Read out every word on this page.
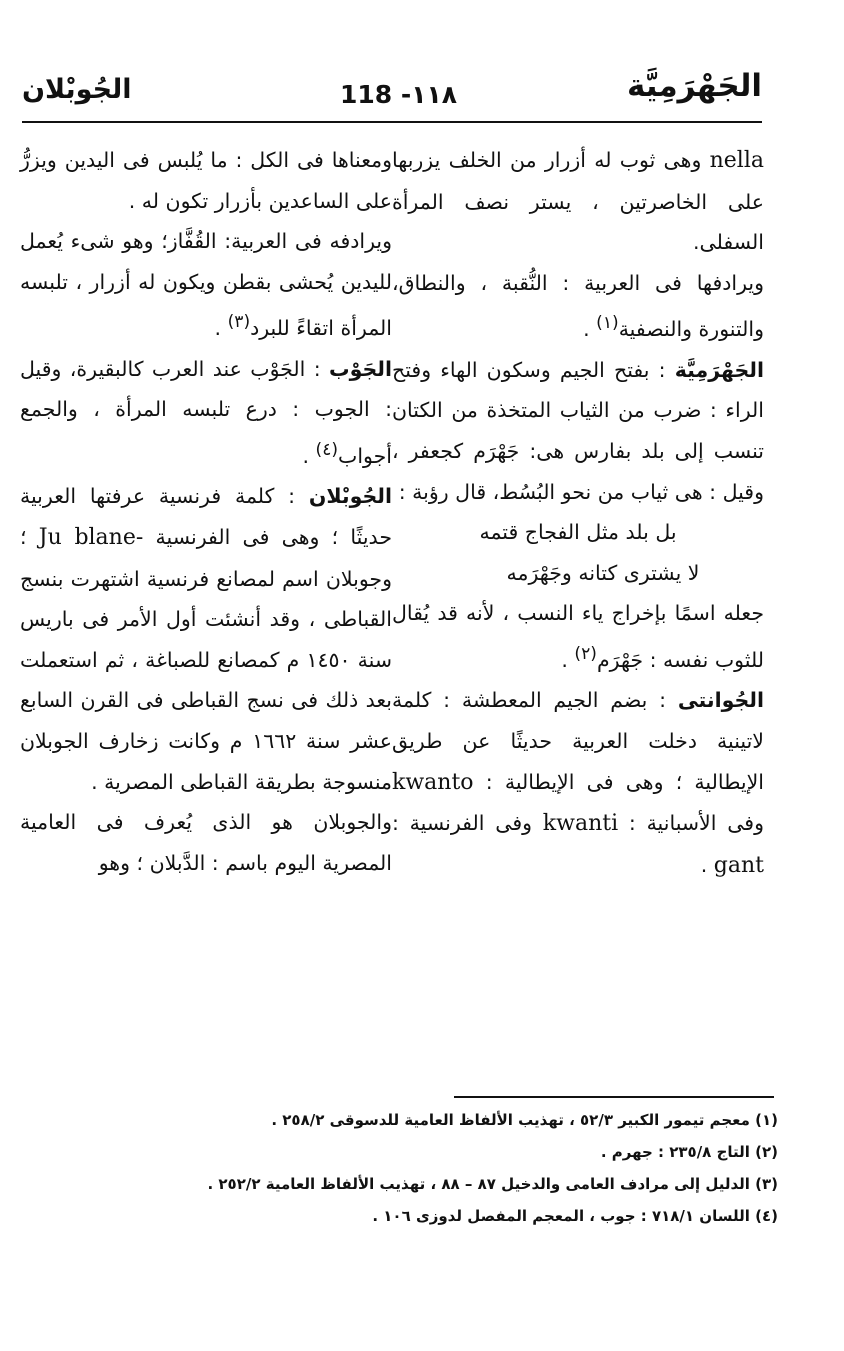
الجَهْرَمِيَّة
118 -١١٨
الجُوبْلان

nella وهى ثوب له أزرار من الخلف يزربها على الخاصرتين ، يستر نصف المرأة السفلى.

ويرادفها فى العربية : النُّقبة ، والنطاق، والتنورة والنصفية$^{(١)}$ .

الجَهْرَمِيَّة : بفتح الجيم وسكون الهاء وفتح الراء : ضرب من الثياب المتخذة من الكتان تنسب إلى بلد بفارس هى: جَهْرَم كجعفر ، وقيل : هى ثياب من نحو البُسُط، قال رؤبة :

بل بلد مثل الفجاج قتمه

لا يشترى كتانه وجَهْرَمه

جعله اسمًا بإخراج ياء النسب ، لأنه قد يُقال للثوب نفسه : جَهْرَم$^{(٢)}$ .

الجُوانتى : بضم الجيم المعطشة : كلمة لاتينية دخلت العربية حديثًا عن طريق الإيطالية ؛ وهى فى الإيطالية : kwanto وفى الأسبانية : kwanti وفى الفرنسية : gant .

ومعناها فى الكل : ما يُلبس فى اليدين ويزرُّ على الساعدين بأزرار تكون له .

ويرادفه فى العربية: القُفَّاز؛ وهو شىء يُعمل لليدين يُحشى بقطن ويكون له أزرار ، تلبسه المرأة اتقاءً للبرد$^{(٣)}$ .

الجَوْب : الجَوْب عند العرب كالبقيرة، وقيل : الجوب : درع تلبسه المرأة ، والجمع أجواب$^{(٤)}$ .

الجُوبْلان : كلمة فرنسية عرفتها العربية حديثًا ؛ وهى فى الفرنسية -Ju blane ؛ وجوبلان اسم لمصانع فرنسية اشتهرت بنسج القباطى ، وقد أنشئت أول الأمر فى باريس سنة ١٤٥٠ م كمصانع للصباغة ، ثم استعملت بعد ذلك فى نسج القباطى فى القرن السابع عشر سنة ١٦٦٢ م وكانت زخارف الجوبلان منسوجة بطريقة القباطى المصرية .

والجوبلان هو الذى يُعرف فى العامية المصرية اليوم باسم : الدَّبلان ؛ وهو

(١) معجم تيمور الكبير ٥٢/٣ ، تهذيب الألفاظ العامية للدسوقى ٢٥٨/٢ .
(٢) التاج ٢٣٥/٨ : جهرم .
(٣) الدليل إلى مرادف العامى والدخيل ٨٧ – ٨٨ ، تهذيب الألفاظ العامية ٢٥٢/٢ .
(٤) اللسان ٧١٨/١ : جوب ، المعجم المفصل لدوزى ١٠٦ .
